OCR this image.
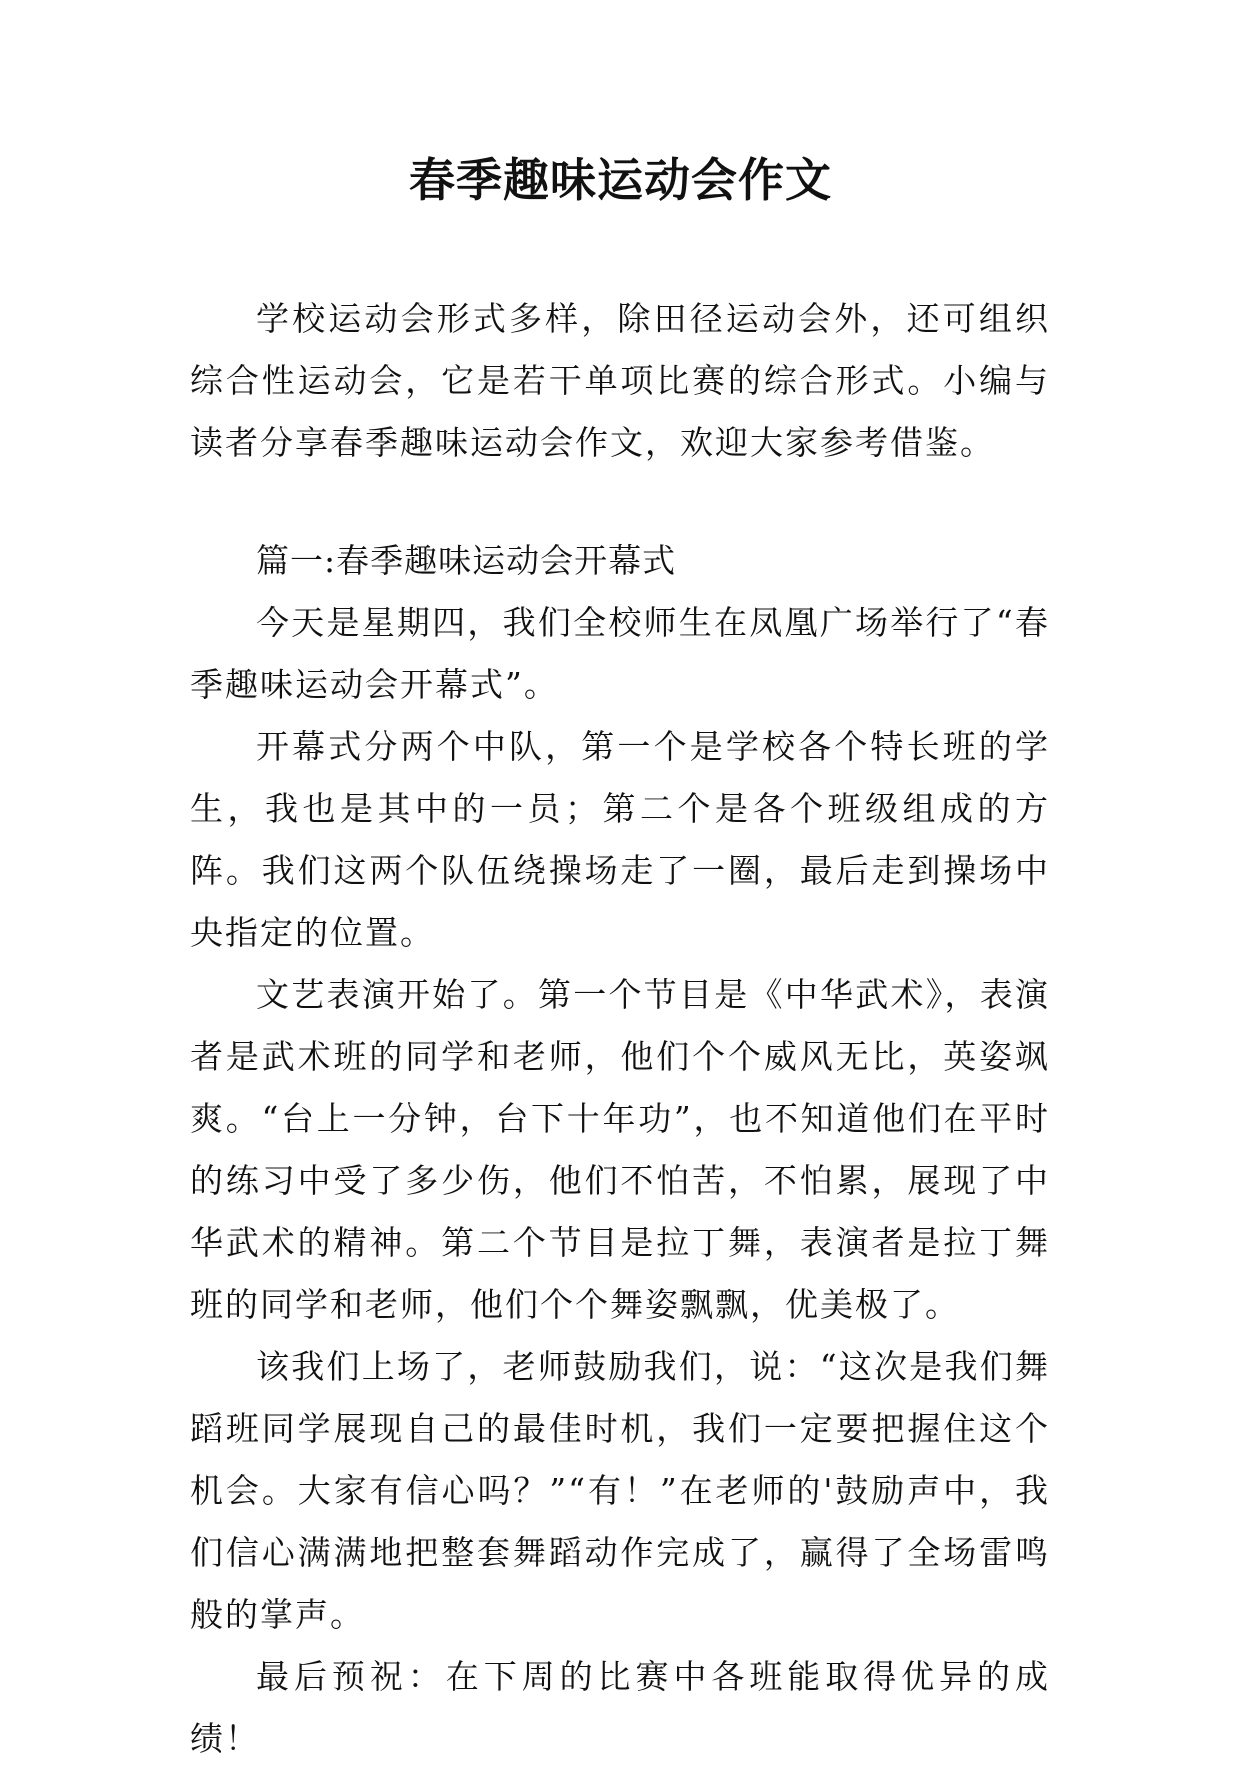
春季趣味运动会作文

学校运动会形式多样，除田径运动会外，还可组织综合性运动会，它是若干单项比赛的综合形式。小编与读者分享春季趣味运动会作文，欢迎大家参考借鉴。

篇一:春季趣味运动会开幕式

今天是星期四，我们全校师生在凤凰广场举行了“春季趣味运动会开幕式”。

开幕式分两个中队，第一个是学校各个特长班的学生，我也是其中的一员；第二个是各个班级组成的方阵。我们这两个队伍绕操场走了一圈，最后走到操场中央指定的位置。

文艺表演开始了。第一个节目是《中华武术》，表演者是武术班的同学和老师，他们个个威风无比，英姿飒爽。“台上一分钟，台下十年功”，也不知道他们在平时的练习中受了多少伤，他们不怕苦，不怕累，展现了中华武术的精神。第二个节目是拉丁舞，表演者是拉丁舞班的同学和老师，他们个个舞姿飘飘，优美极了。

该我们上场了，老师鼓励我们，说：“这次是我们舞蹈班同学展现自己的最佳时机，我们一定要把握住这个机会。大家有信心吗？”“有！”在老师的'鼓励声中，我们信心满满地把整套舞蹈动作完成了，赢得了全场雷鸣般的掌声。

最后预祝：在下周的比赛中各班能取得优异的成绩！
